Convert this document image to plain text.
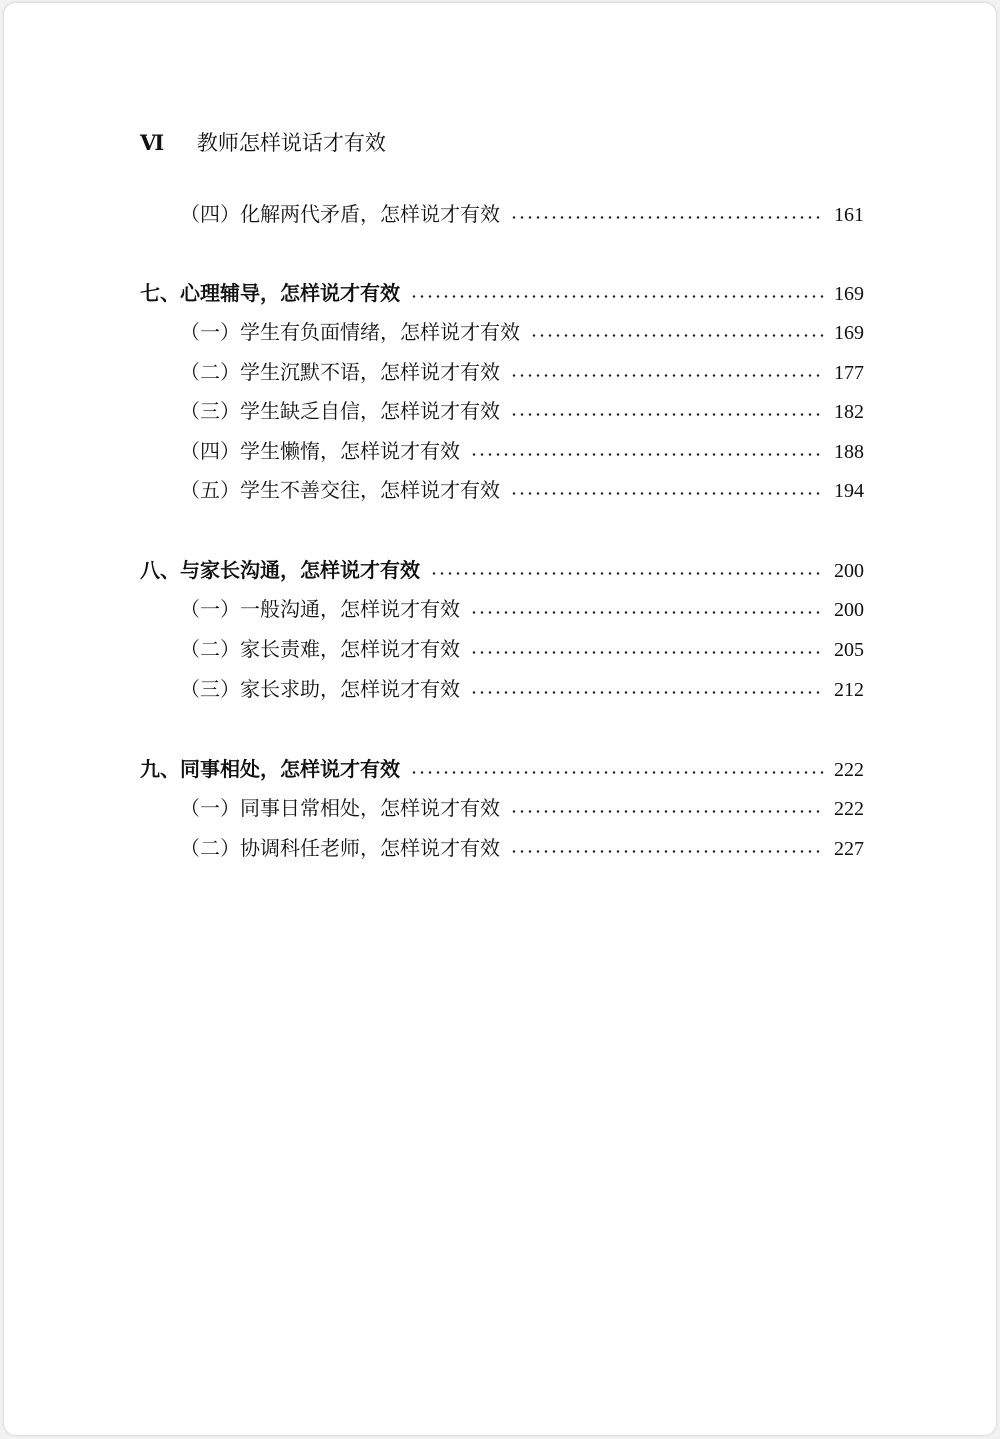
Ⅵ 教师怎样说话才有效
（四）化解两代矛盾，怎样说才有效	161
七、心理辅导，怎样说才有效	169
（一）学生有负面情绪，怎样说才有效	169
（二）学生沉默不语，怎样说才有效	177
（三）学生缺乏自信，怎样说才有效	182
（四）学生懒惰，怎样说才有效	188
（五）学生不善交往，怎样说才有效	194
八、与家长沟通，怎样说才有效	200
（一）一般沟通，怎样说才有效	200
（二）家长责难，怎样说才有效	205
（三）家长求助，怎样说才有效	212
九、同事相处，怎样说才有效	222
（一）同事日常相处，怎样说才有效	222
（二）协调科任老师，怎样说才有效	227
